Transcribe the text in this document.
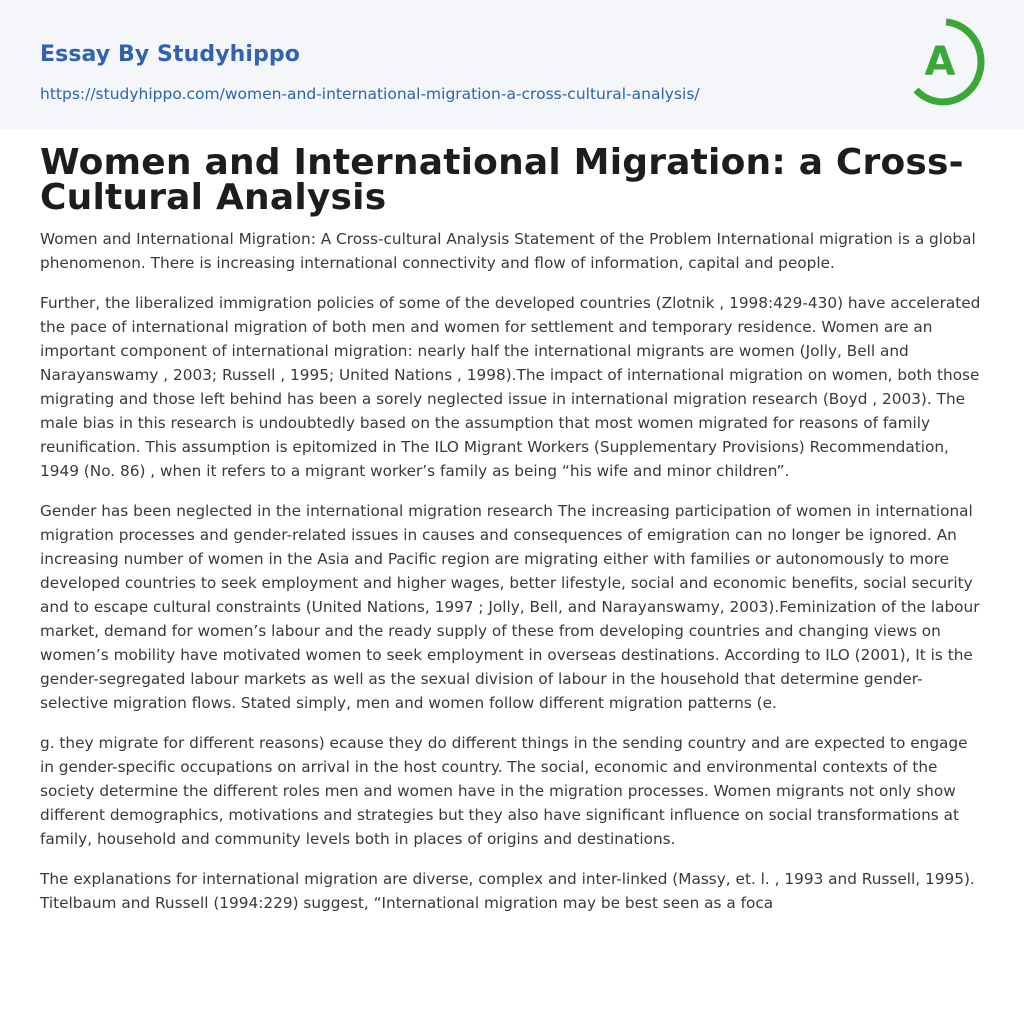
Essay By Studyhippo
https://studyhippo.com/women-and-international-migration-a-cross-cultural-analysis/
A
Women and International Migration: a Cross-Cultural Analysis

Women and International Migration: A Cross-cultural Analysis Statement of the Problem International migration is a global phenomenon. There is increasing international connectivity and flow of information, capital and people.

Further, the liberalized immigration policies of some of the developed countries (Zlotnik , 1998:429-430) have accelerated the pace of international migration of both men and women for settlement and temporary residence. Women are an important component of international migration: nearly half the international migrants are women (Jolly, Bell and Narayanswamy , 2003; Russell , 1995; United Nations , 1998).The impact of international migration on women, both those migrating and those left behind has been a sorely neglected issue in international migration research (Boyd , 2003). The male bias in this research is undoubtedly based on the assumption that most women migrated for reasons of family reunification. This assumption is epitomized in The ILO Migrant Workers (Supplementary Provisions) Recommendation, 1949 (No. 86) , when it refers to a migrant worker’s family as being “his wife and minor children”.

Gender has been neglected in the international migration research The increasing participation of women in international migration processes and gender-related issues in causes and consequences of emigration can no longer be ignored. An increasing number of women in the Asia and Pacific region are migrating either with families or autonomously to more developed countries to seek employment and higher wages, better lifestyle, social and economic benefits, social security and to escape cultural constraints (United Nations, 1997 ; Jolly, Bell, and Narayanswamy, 2003).Feminization of the labour market, demand for women’s labour and the ready supply of these from developing countries and changing views on women’s mobility have motivated women to seek employment in overseas destinations. According to ILO (2001), It is the gender-segregated labour markets as well as the sexual division of labour in the household that determine gender-selective migration flows. Stated simply, men and women follow different migration patterns (e.

g. they migrate for different reasons) ecause they do different things in the sending country and are expected to engage in gender-specific occupations on arrival in the host country. The social, economic and environmental contexts of the society determine the different roles men and women have in the migration processes. Women migrants not only show different demographics, motivations and strategies but they also have significant influence on social transformations at family, household and community levels both in places of origins and destinations.

The explanations for international migration are diverse, complex and inter-linked (Massy, et. l. , 1993 and Russell, 1995). Titelbaum and Russell (1994:229) suggest, “International migration may be best seen as a foca
